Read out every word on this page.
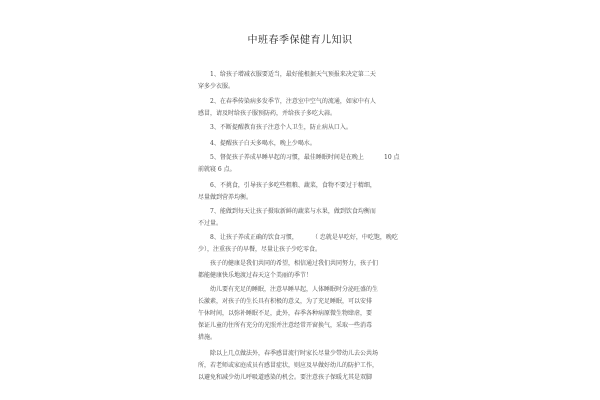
中班春季保健育儿知识

1、给孩子增减衣服要适当，最好能根据天气预报来决定第二天

穿多少衣服。

2、在春季传染病多发季节，注意室中空气的流通，如家中有人

感冒，请及时给孩子服预防药，并给孩子多吃大蒜。

3、不断提醒教育孩子注意个人卫生，防止病从口入。

4、提醒孩子白天多喝水，晚上少喝水。

5、督促孩子养成早睡早起的习惯，最佳睡眠时间是在晚上	10 点

前就寝 6 点。

6、不挑食，引导孩子多吃些粗粮、蔬菜，食物不要过于精细，

尽量做到营养均衡。

7、能做到每天让孩子摄取新鲜的蔬菜与水果，做到饮食均衡而

不过量。

8、让孩子养成正确的饮食习惯， （ 忠就是早吃好，中吃饱，晚吃

少），注重孩子的早餐，尽量让孩子少吃零食。

孩子的健康是我们共同的希望，相信通过我们共同努力，孩子们

都能健康快乐地渡过春天这个美丽的季节！

幼儿要有充足的睡眠，注意早睡早起，人体睡眠时分泌旺盛的生

长激素，对孩子的生长具有积极的意义，为了充足睡眠，可以安排

午休时间，以弥补睡眠不足，此外，春季各种病原微生物肆虐，要

保证儿童的住所有充分的光照并注意经常开窗换气，采取一些消毒

措施。

除以上几点做法外，春季感冒流行时家长尽量少带幼儿去公共场

所，若老师或家庭成员有感冒症状，则应及早做好幼儿的防护工作，

以避免和减少幼儿呼吸道感染的机会。要注意孩子保暖尤其是双脚
